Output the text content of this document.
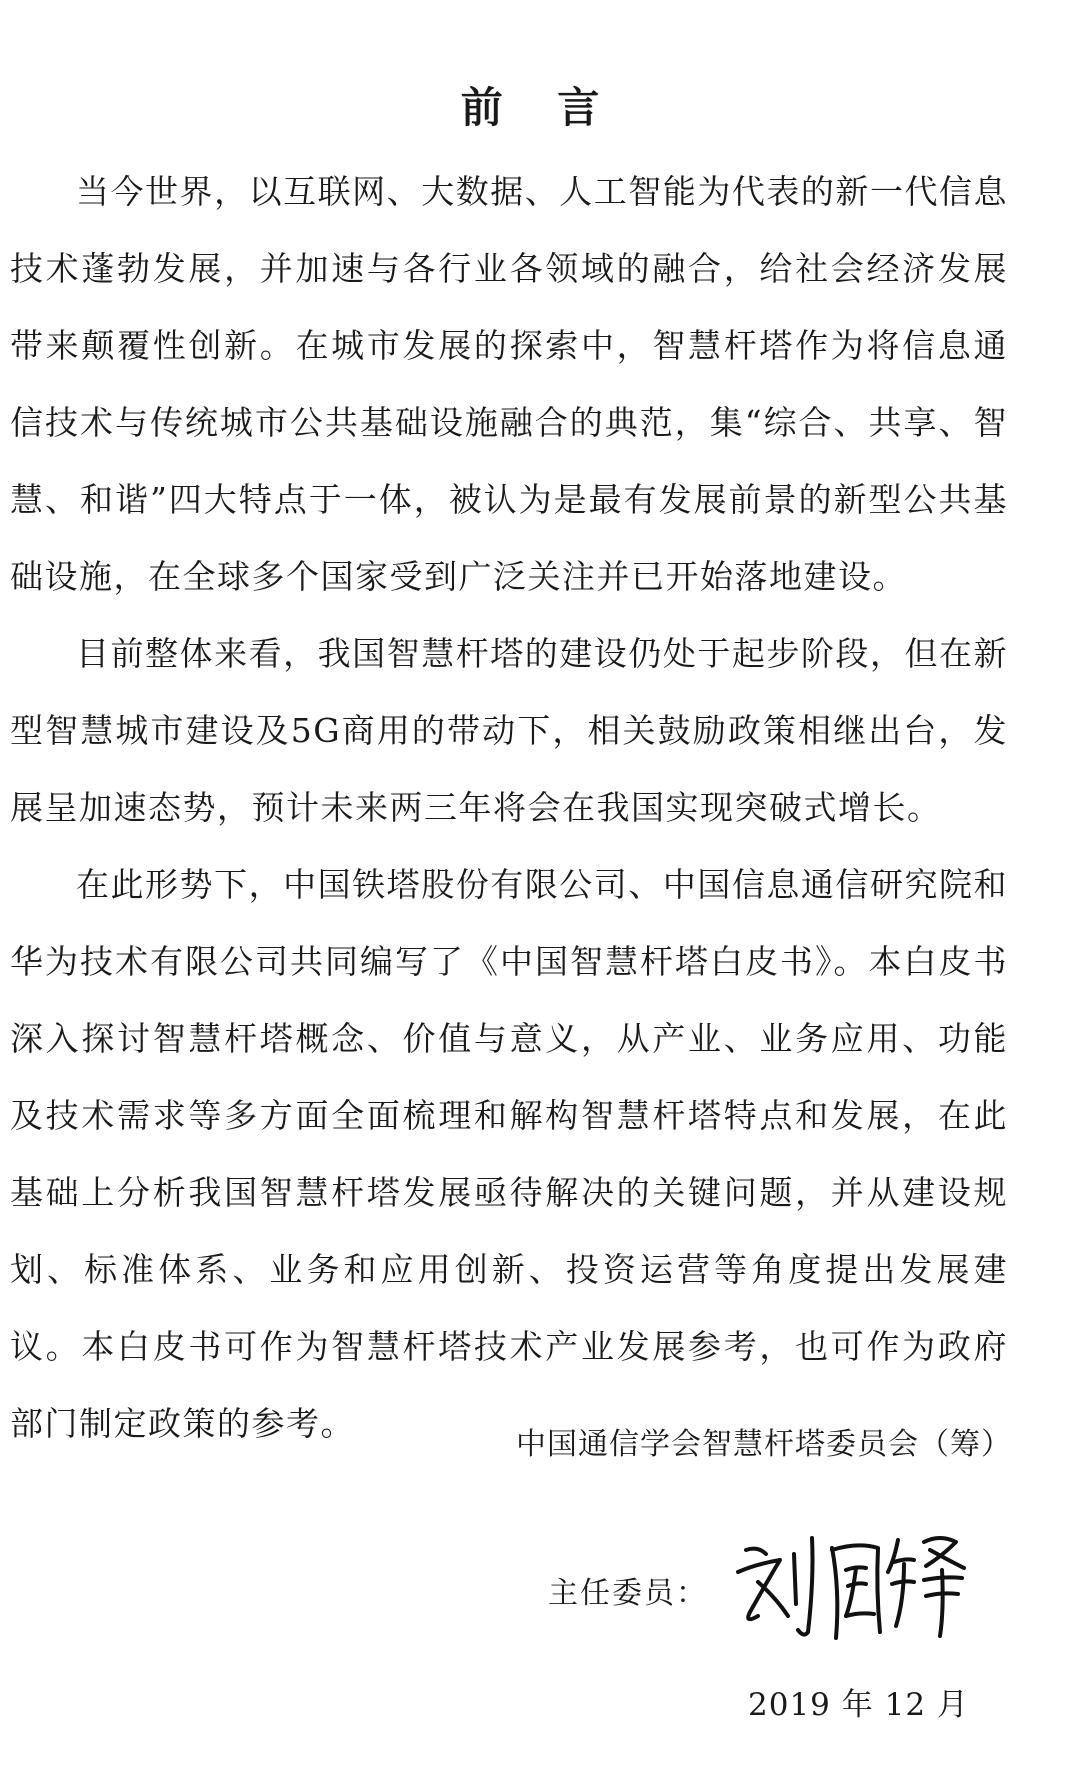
前 言

当今世界，以互联网、大数据、人工智能为代表的新一代信息技术蓬勃发展，并加速与各行业各领域的融合，给社会经济发展带来颠覆性创新。在城市发展的探索中，智慧杆塔作为将信息通信技术与传统城市公共基础设施融合的典范，集“综合、共享、智慧、和谐”四大特点于一体，被认为是最有发展前景的新型公共基础设施，在全球多个国家受到广泛关注并已开始落地建设。

目前整体来看，我国智慧杆塔的建设仍处于起步阶段，但在新型智慧城市建设及5G商用的带动下，相关鼓励政策相继出台，发展呈加速态势，预计未来两三年将会在我国实现突破式增长。

在此形势下，中国铁塔股份有限公司、中国信息通信研究院和华为技术有限公司共同编写了《中国智慧杆塔白皮书》。本白皮书深入探讨智慧杆塔概念、价值与意义，从产业、业务应用、功能及技术需求等多方面全面梳理和解构智慧杆塔特点和发展，在此基础上分析我国智慧杆塔发展亟待解决的关键问题，并从建设规划、标准体系、业务和应用创新、投资运营等角度提出发展建议。本白皮书可作为智慧杆塔技术产业发展参考，也可作为政府部门制定政策的参考。

中国通信学会智慧杆塔委员会（筹）
主任委员：
2019 年 12 月
